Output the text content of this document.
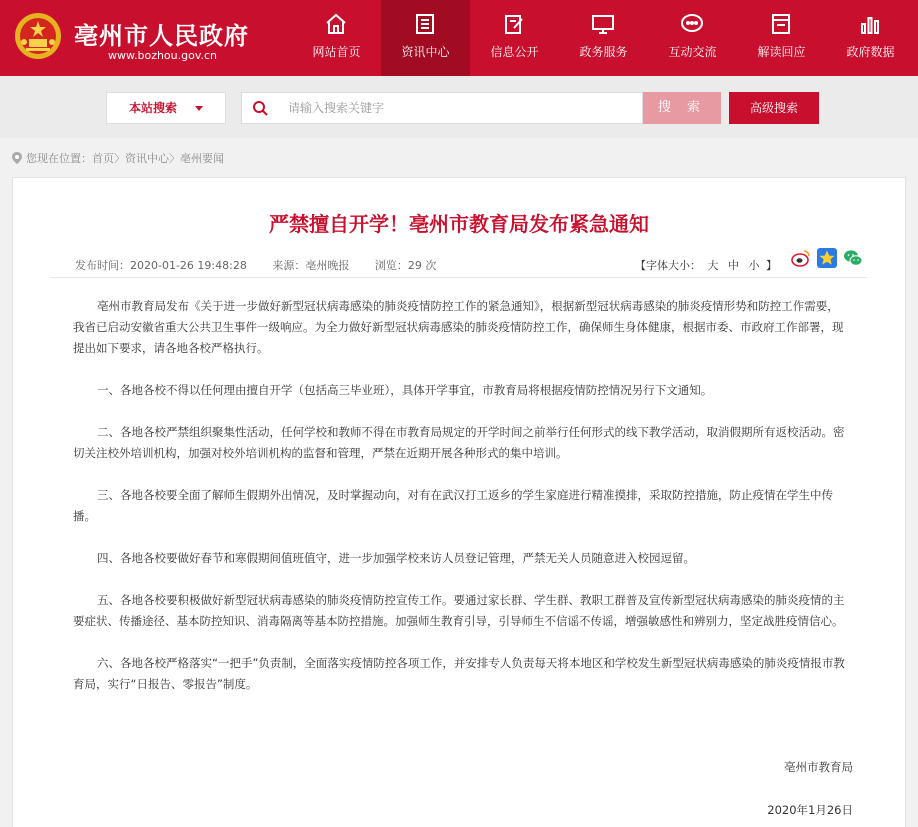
亳州市人民政府
www.bozhou.gov.cn	网站首页	资讯中心	信息公开	政务服务	互动交流	解读回应	政府数据
本站搜索
请输入搜索关键字	搜 索	高级搜索
您现在位置： 首页 〉 资讯中心 〉 亳州要闻
严禁擅自开学！亳州市教育局发布紧急通知
发布时间：2020-01-26 19:48:28 来源：亳州晚报 浏览：29 次	【字体大小： 大 中 小 】

亳州市教育局发布《关于进一步做好新型冠状病毒感染的肺炎疫情防控工作的紧急通知》，根据新型冠状病毒感染的肺炎疫情形势和防控工作需要，我省已启动安徽省重大公共卫生事件一级响应。为全力做好新型冠状病毒感染的肺炎疫情防控工作，确保师生身体健康，根据市委、市政府工作部署，现提出如下要求，请各地各校严格执行。

一、各地各校不得以任何理由擅自开学（包括高三毕业班），具体开学事宜，市教育局将根据疫情防控情况另行下文通知。

二、各地各校严禁组织聚集性活动，任何学校和教师不得在市教育局规定的开学时间之前举行任何形式的线下教学活动，取消假期所有返校活动。密切关注校外培训机构，加强对校外培训机构的监督和管理，严禁在近期开展各种形式的集中培训。

三、各地各校要全面了解师生假期外出情况，及时掌握动向，对有在武汉打工返乡的学生家庭进行精准摸排，采取防控措施，防止疫情在学生中传播。

四、各地各校要做好春节和寒假期间值班值守，进一步加强学校来访人员登记管理，严禁无关人员随意进入校园逗留。

五、各地各校要积极做好新型冠状病毒感染的肺炎疫情防控宣传工作。要通过家长群、学生群、教职工群普及宣传新型冠状病毒感染的肺炎疫情的主要症状、传播途径、基本防控知识、消毒隔离等基本防控措施。加强师生教育引导，引导师生不信谣不传谣，增强敏感性和辨别力，坚定战胜疫情信心。

六、各地各校严格落实“一把手”负责制，全面落实疫情防控各项工作，并安排专人负责每天将本地区和学校发生新型冠状病毒感染的肺炎疫情报市教育局，实行“日报告、零报告”制度。

亳州市教育局
2020年1月26日
